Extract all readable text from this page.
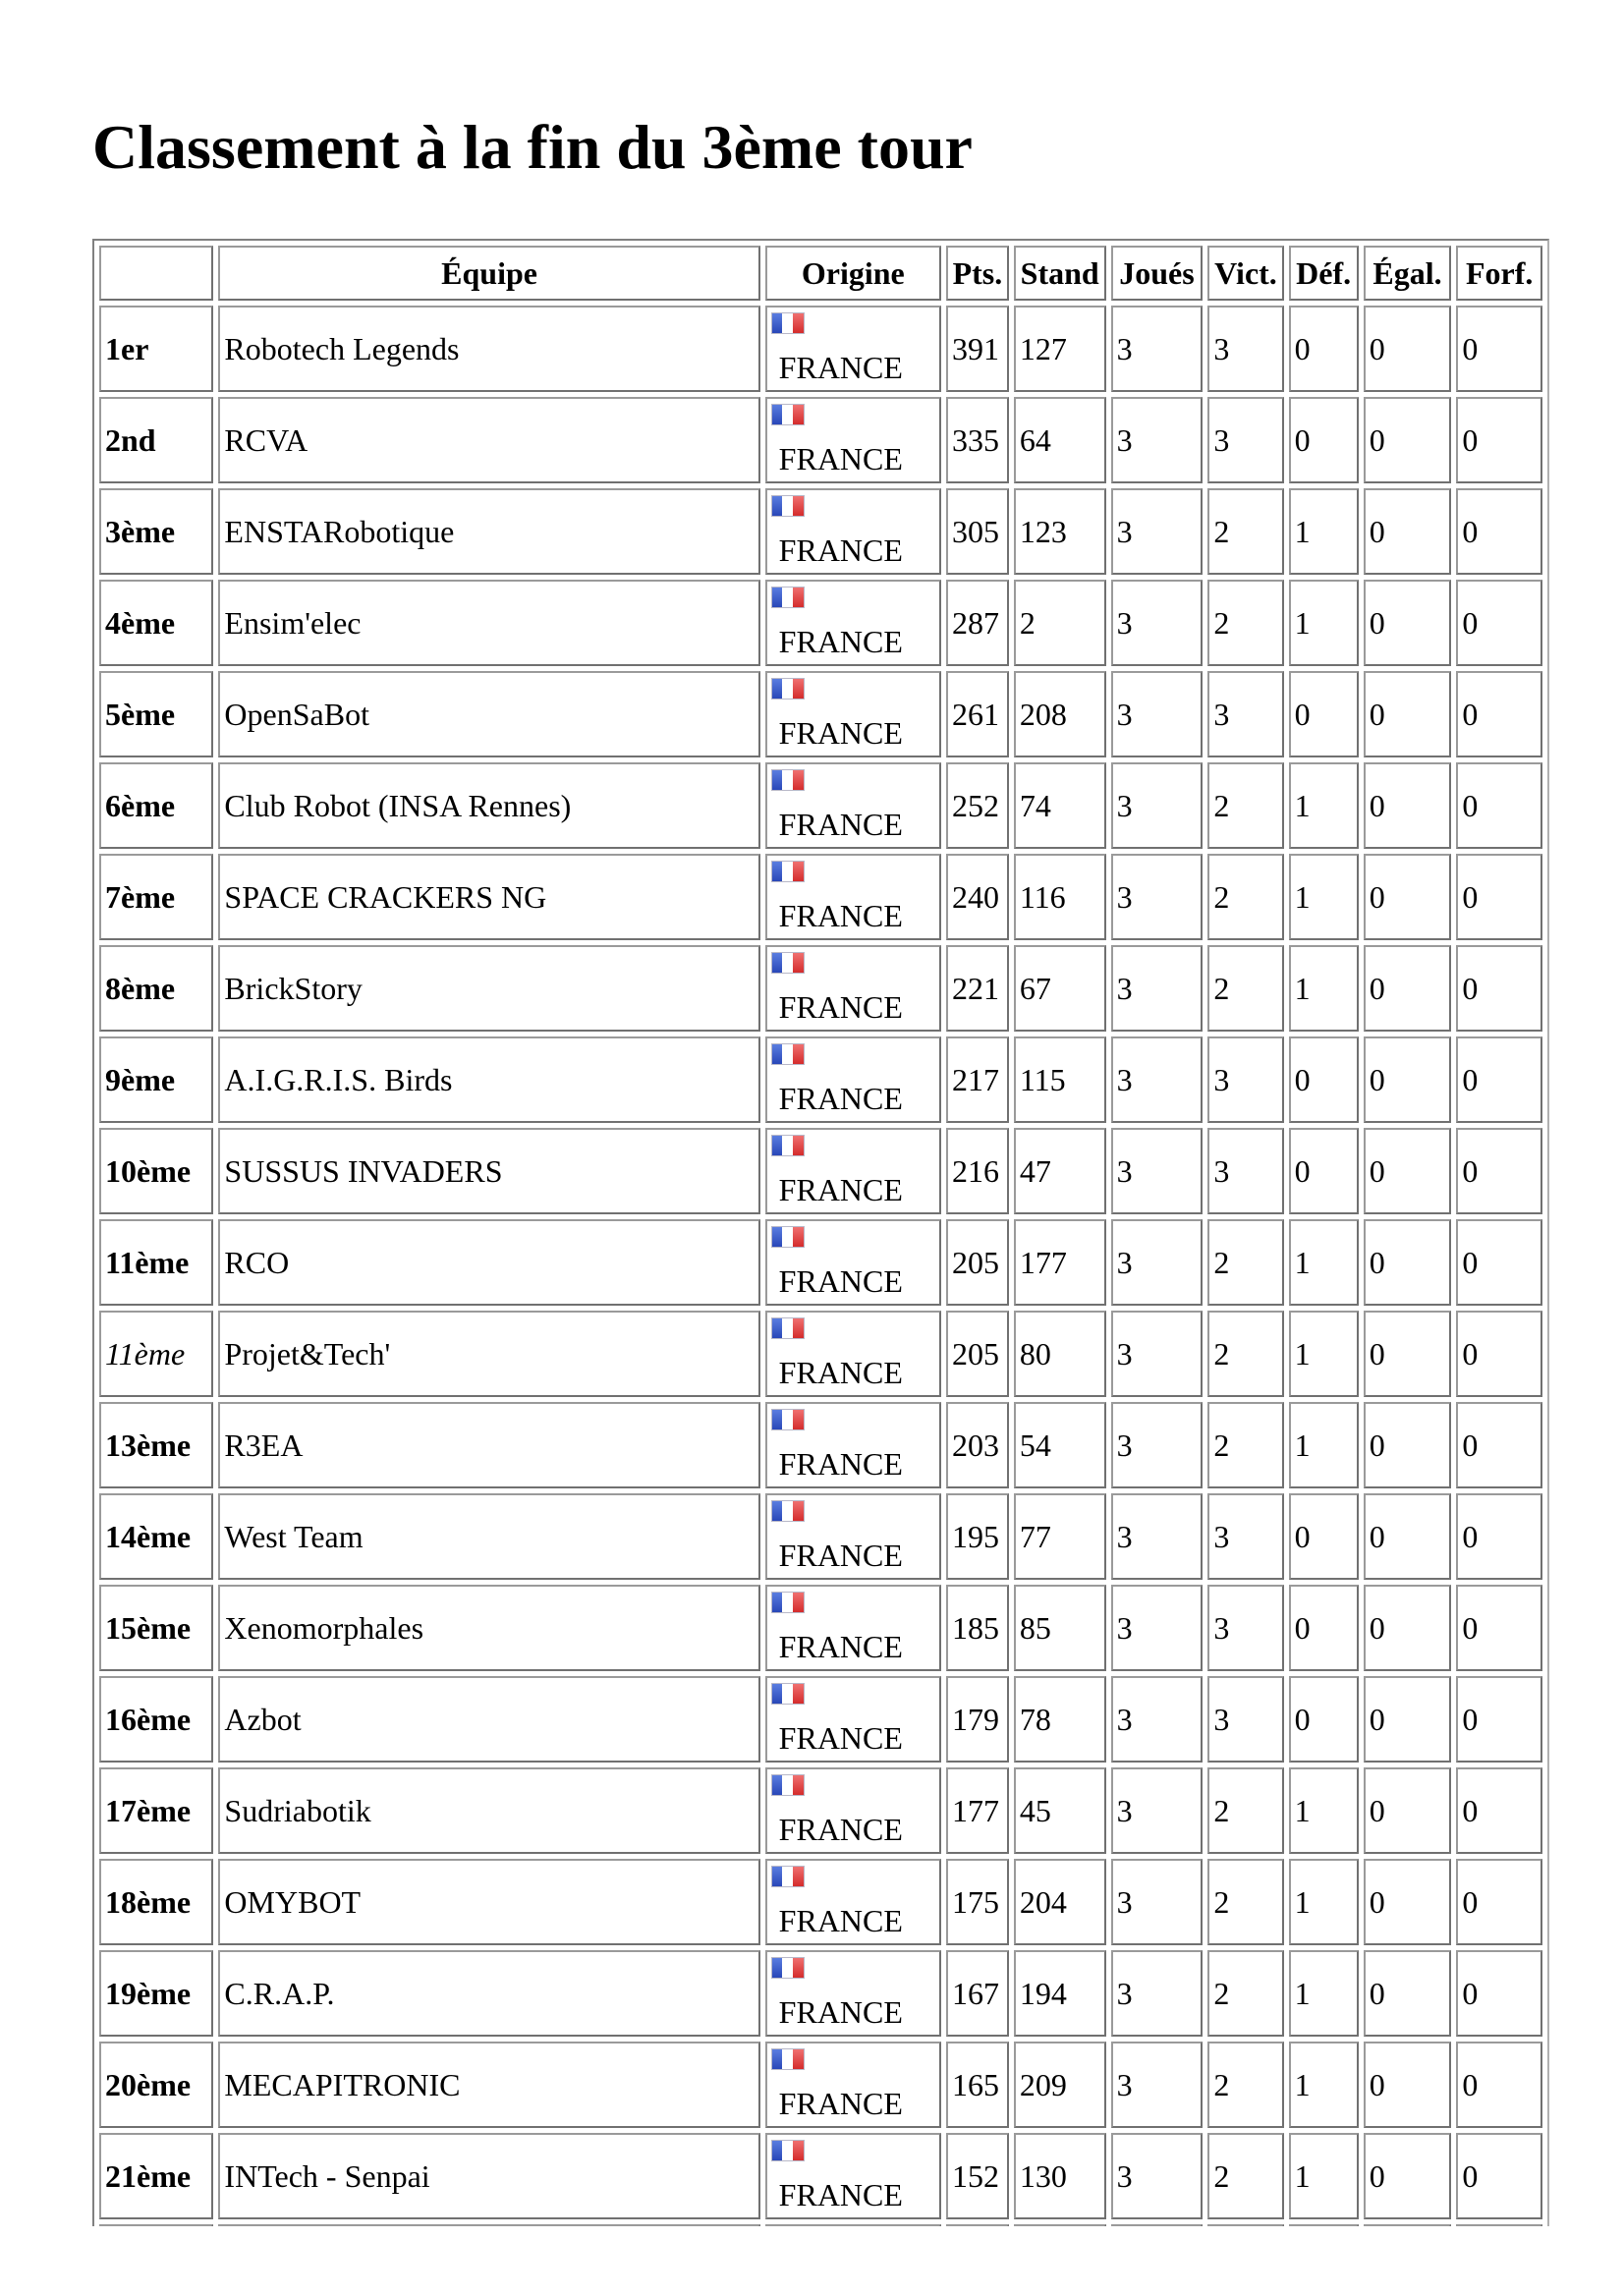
Classement à la fin du 3ème tour
	Équipe	Origine	Pts.	Stand	Joués	Vict.	Déf.	Égal.	Forf.
1er	Robotech Legends	FRANCE	391	127	3	3	0	0	0
2nd	RCVA	FRANCE	335	64	3	3	0	0	0
3ème	ENSTARobotique	FRANCE	305	123	3	2	1	0	0
4ème	Ensim'elec	FRANCE	287	2	3	2	1	0	0
5ème	OpenSaBot	FRANCE	261	208	3	3	0	0	0
6ème	Club Robot (INSA Rennes)	FRANCE	252	74	3	2	1	0	0
7ème	SPACE CRACKERS NG	FRANCE	240	116	3	2	1	0	0
8ème	BrickStory	FRANCE	221	67	3	2	1	0	0
9ème	A.I.G.R.I.S. Birds	FRANCE	217	115	3	3	0	0	0
10ème	SUSSUS INVADERS	FRANCE	216	47	3	3	0	0	0
11ème	RCO	FRANCE	205	177	3	2	1	0	0
11ème	Projet&Tech'	FRANCE	205	80	3	2	1	0	0
13ème	R3EA	FRANCE	203	54	3	2	1	0	0
14ème	West Team	FRANCE	195	77	3	3	0	0	0
15ème	Xenomorphales	FRANCE	185	85	3	3	0	0	0
16ème	Azbot	FRANCE	179	78	3	3	0	0	0
17ème	Sudriabotik	FRANCE	177	45	3	2	1	0	0
18ème	OMYBOT	FRANCE	175	204	3	2	1	0	0
19ème	C.R.A.P.	FRANCE	167	194	3	2	1	0	0
20ème	MECAPITRONIC	FRANCE	165	209	3	2	1	0	0
21ème	INTech - Senpai	FRANCE	152	130	3	2	1	0	0
